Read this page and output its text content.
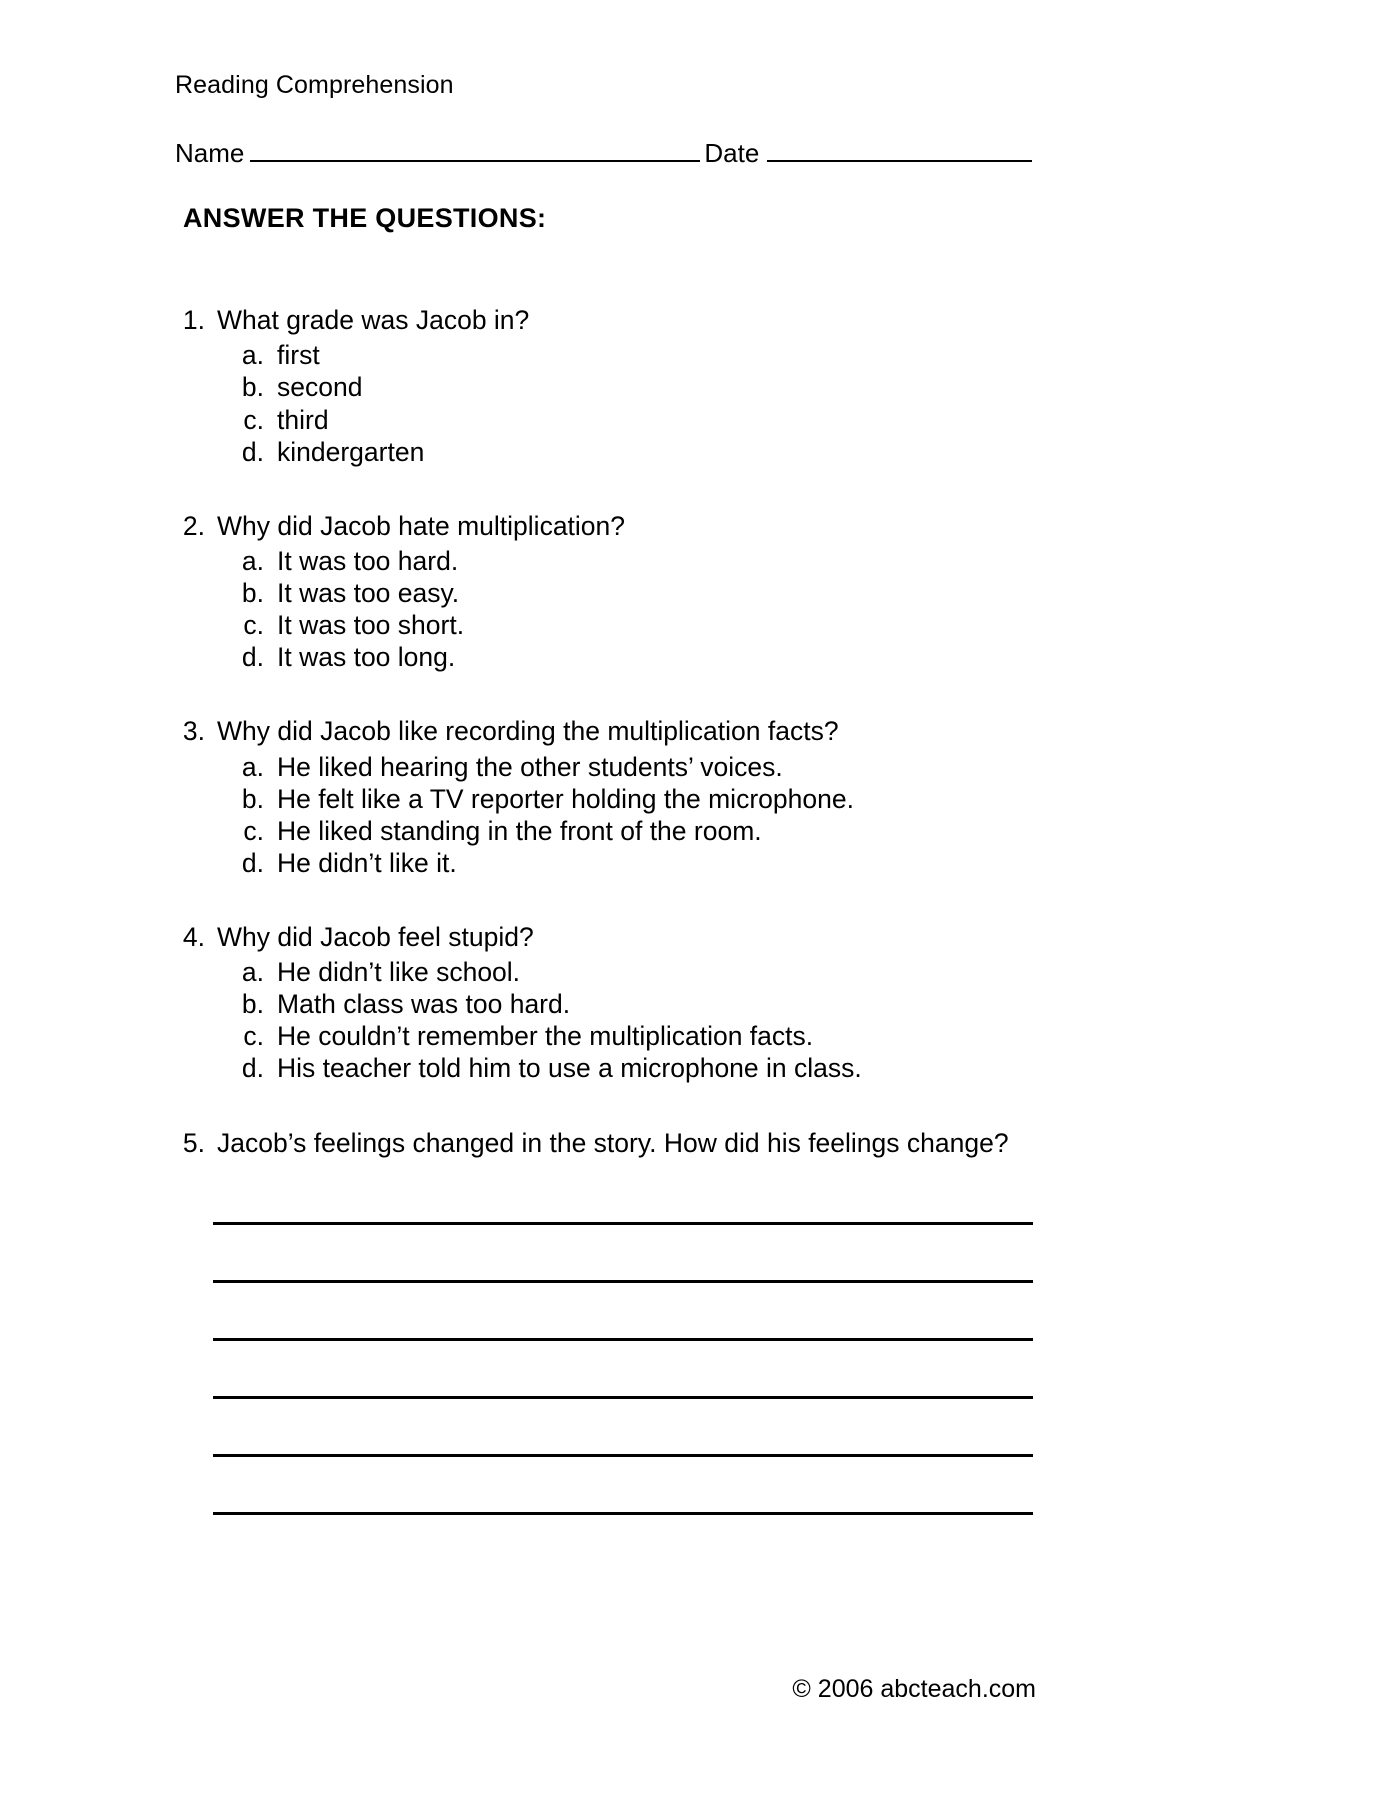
Reading Comprehension
Name	Date
ANSWER THE QUESTIONS:
1. What grade was Jacob in?
a. first
b. second
c. third
d. kindergarten
2. Why did Jacob hate multiplication?
a. It was too hard.
b. It was too easy.
c. It was too short.
d. It was too long.
3. Why did Jacob like recording the multiplication facts?
a. He liked hearing the other students’ voices.
b. He felt like a TV reporter holding the microphone.
c. He liked standing in the front of the room.
d. He didn’t like it.
4. Why did Jacob feel stupid?
a. He didn’t like school.
b. Math class was too hard.
c. He couldn’t remember the multiplication facts.
d. His teacher told him to use a microphone in class.
5. Jacob’s feelings changed in the story. How did his feelings change?
© 2006 abcteach.com
